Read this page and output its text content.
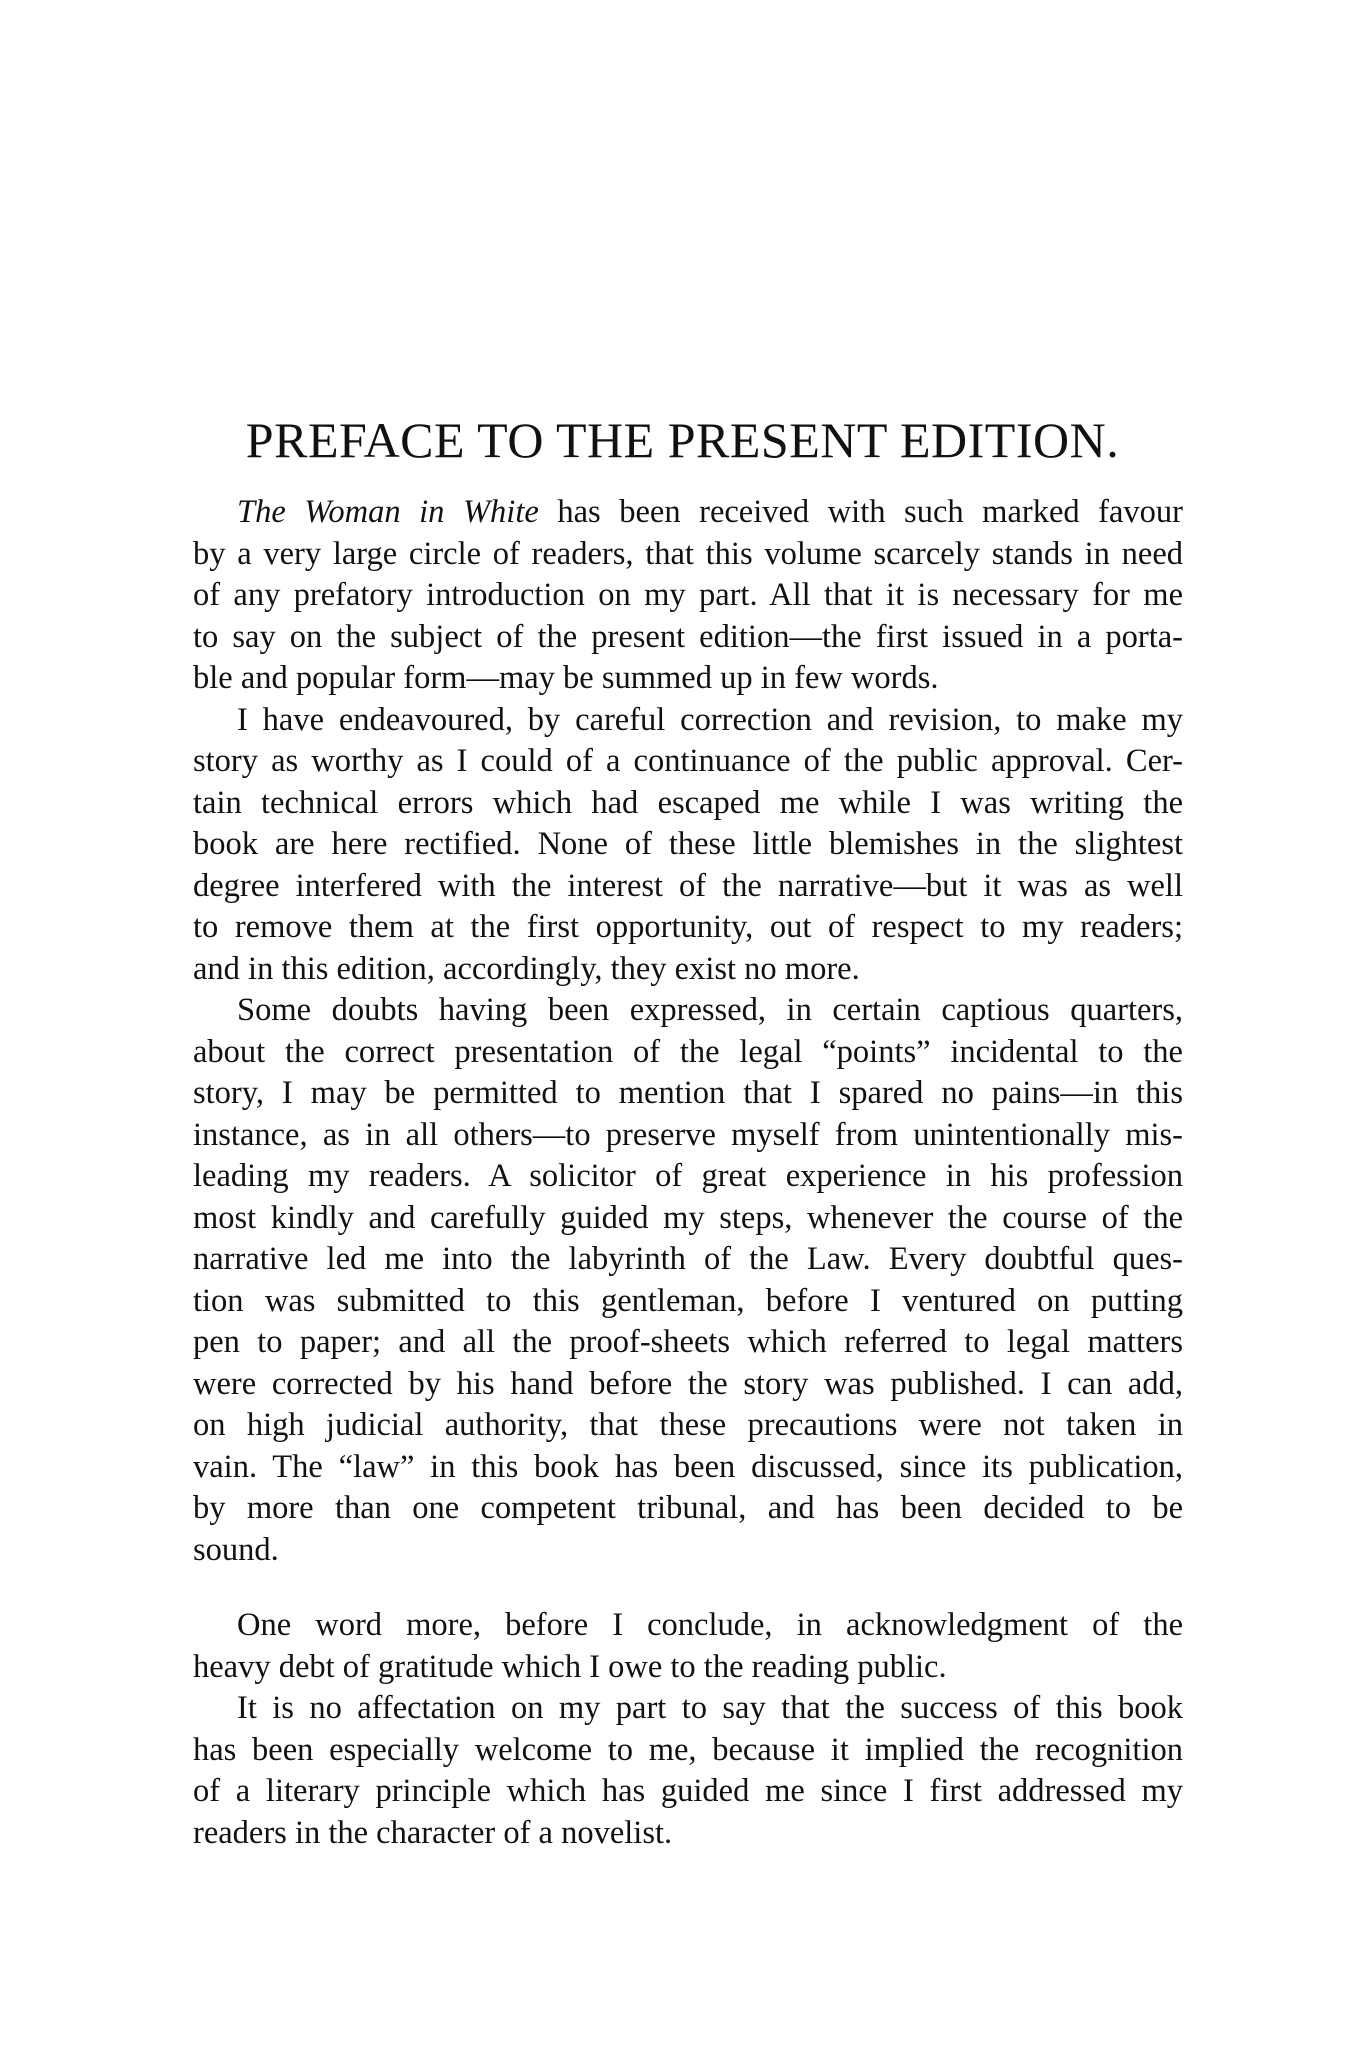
PREFACE TO THE PRESENT EDITION.
The Woman in White has been received with such marked favour
by a very large circle of readers, that this volume scarcely stands in need
of any prefatory introduction on my part. All that it is necessary for me
to say on the subject of the present edition—the first issued in a porta-
ble and popular form—may be summed up in few words.
I have endeavoured, by careful correction and revision, to make my
story as worthy as I could of a continuance of the public approval. Cer-
tain technical errors which had escaped me while I was writing the
book are here rectified. None of these little blemishes in the slightest
degree interfered with the interest of the narrative—but it was as well
to remove them at the first opportunity, out of respect to my readers;
and in this edition, accordingly, they exist no more.
Some doubts having been expressed, in certain captious quarters,
about the correct presentation of the legal “points” incidental to the
story, I may be permitted to mention that I spared no pains—in this
instance, as in all others—to preserve myself from unintentionally mis-
leading my readers. A solicitor of great experience in his profession
most kindly and carefully guided my steps, whenever the course of the
narrative led me into the labyrinth of the Law. Every doubtful ques-
tion was submitted to this gentleman, before I ventured on putting
pen to paper; and all the proof-sheets which referred to legal matters
were corrected by his hand before the story was published. I can add,
on high judicial authority, that these precautions were not taken in
vain. The “law” in this book has been discussed, since its publication,
by more than one competent tribunal, and has been decided to be
sound.
One word more, before I conclude, in acknowledgment of the
heavy debt of gratitude which I owe to the reading public.
It is no affectation on my part to say that the success of this book
has been especially welcome to me, because it implied the recognition
of a literary principle which has guided me since I first addressed my
readers in the character of a novelist.
